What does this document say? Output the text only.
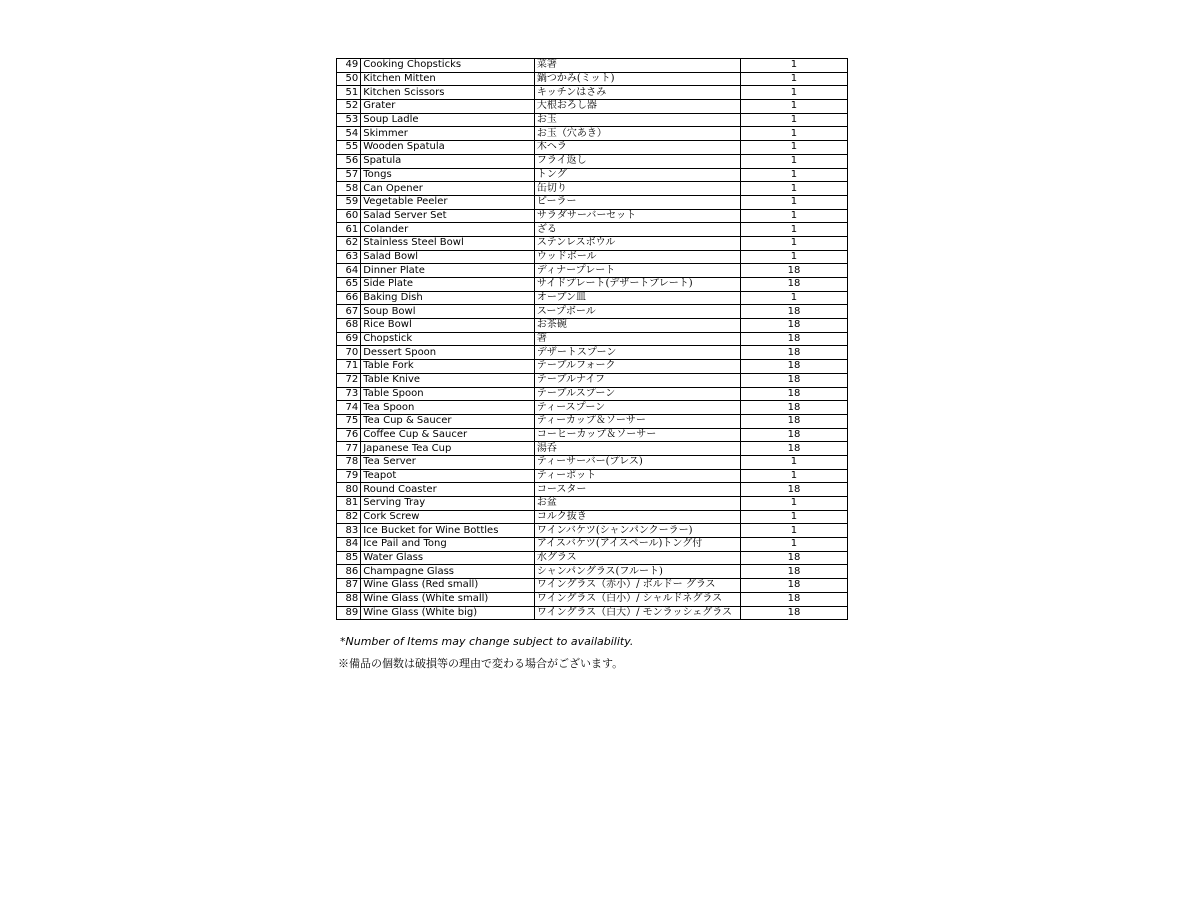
49	Cooking Chopsticks	菜箸	1
50	Kitchen Mitten	鍋つかみ(ミット)	1
51	Kitchen Scissors	キッチンはさみ	1
52	Grater	大根おろし器	1
53	Soup Ladle	お玉	1
54	Skimmer	お玉（穴あき）	1
55	Wooden Spatula	木ヘラ	1
56	Spatula	フライ返し	1
57	Tongs	トング	1
58	Can Opener	缶切り	1
59	Vegetable Peeler	ピーラー	1
60	Salad Server Set	サラダサーバーセット	1
61	Colander	ざる	1
62	Stainless Steel Bowl	ステンレスボウル	1
63	Salad Bowl	ウッドボール	1
64	Dinner Plate	ディナープレート	18
65	Side Plate	サイドプレート(デザートプレート)	18
66	Baking Dish	オーブン皿	1
67	Soup Bowl	スープボール	18
68	Rice Bowl	お茶碗	18
69	Chopstick	箸	18
70	Dessert Spoon	デザートスプーン	18
71	Table Fork	テーブルフォーク	18
72	Table Knive	テーブルナイフ	18
73	Table Spoon	テーブルスプーン	18
74	Tea Spoon	ティースプーン	18
75	Tea Cup & Saucer	ティーカップ＆ソーサー	18
76	Coffee Cup & Saucer	コーヒーカップ＆ソーサー	18
77	Japanese Tea Cup	湯呑	18
78	Tea Server	ティーサーバー(プレス)	1
79	Teapot	ティーポット	1
80	Round Coaster	コースター	18
81	Serving Tray	お盆	1
82	Cork Screw	コルク抜き	1
83	Ice Bucket for Wine Bottles	ワインバケツ(シャンパンクーラー)	1
84	Ice Pail and Tong	アイスバケツ(アイスペール)トング付	1
85	Water Glass	水グラス	18
86	Champagne Glass	シャンパングラス(フルート)	18
87	Wine Glass (Red small)	ワイングラス（赤小）/ ボルドー グラス	18
88	Wine Glass (White small)	ワイングラス（白小）/ シャルドネグラス	18
89	Wine Glass (White big)	ワイングラス（白大）/ モンラッシェグラス	18
*Number of Items may change subject to availability.
※備品の個数は破損等の理由で変わる場合がございます。
